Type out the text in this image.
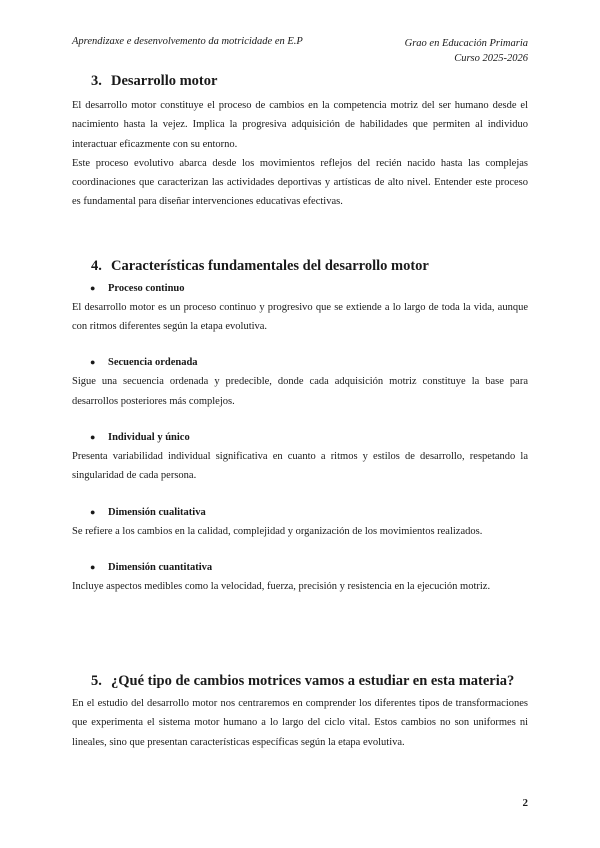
Aprendizaxe e desenvolvemento da motricidade en E.P	Grao en Educación Primaria
Curso 2025-2026
3. Desarrollo motor

El desarrollo motor constituye el proceso de cambios en la competencia motriz del ser humano desde el nacimiento hasta la vejez. Implica la progresiva adquisición de habilidades que permiten al individuo interactuar eficazmente con su entorno.

Este proceso evolutivo abarca desde los movimientos reflejos del recién nacido hasta las complejas coordinaciones que caracterizan las actividades deportivas y artísticas de alto nivel. Entender este proceso es fundamental para diseñar intervenciones educativas efectivas.

4. Características fundamentales del desarrollo motor
● Proceso continuo

El desarrollo motor es un proceso continuo y progresivo que se extiende a lo largo de toda la vida, aunque con ritmos diferentes según la etapa evolutiva.

● Secuencia ordenada

Sigue una secuencia ordenada y predecible, donde cada adquisición motriz constituye la base para desarrollos posteriores más complejos.

● Individual y único

Presenta variabilidad individual significativa en cuanto a ritmos y estilos de desarrollo, respetando la singularidad de cada persona.

● Dimensión cualitativa

Se refiere a los cambios en la calidad, complejidad y organización de los movimientos realizados.

● Dimensión cuantitativa

Incluye aspectos medibles como la velocidad, fuerza, precisión y resistencia en la ejecución motriz.

5. ¿Qué tipo de cambios motrices vamos a estudiar en esta materia?

En el estudio del desarrollo motor nos centraremos en comprender los diferentes tipos de transformaciones que experimenta el sistema motor humano a lo largo del ciclo vital. Estos cambios no son uniformes ni lineales, sino que presentan características específicas según la etapa evolutiva.

2
